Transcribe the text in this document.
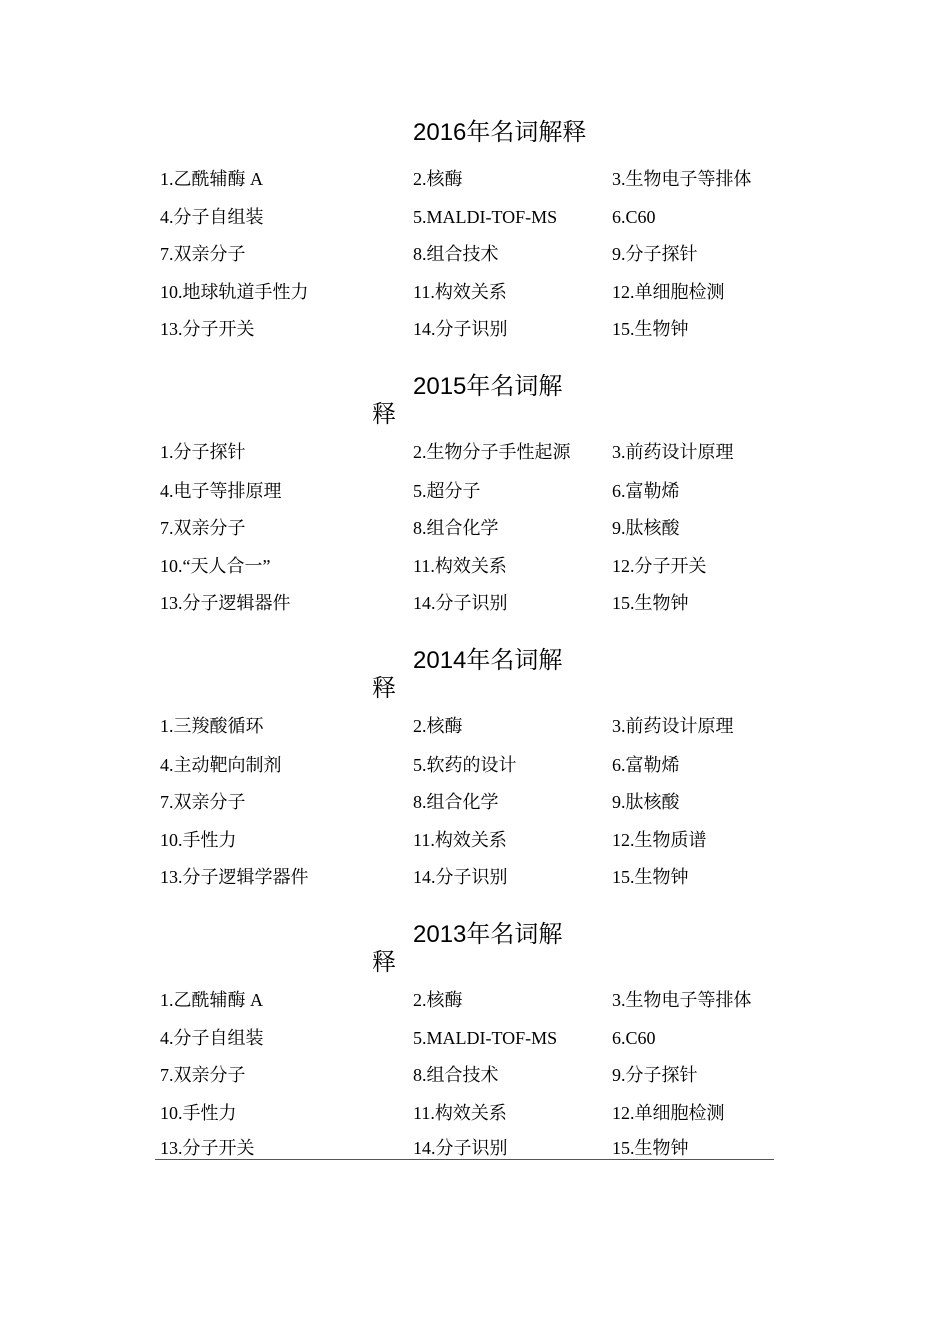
2016年名词解释
1.乙酰辅酶 A	2.核酶	3.生物电子等排体
4.分子自组装	5.MALDI-TOF-MS	6.C60
7.双亲分子	8.组合技术	9.分子探针
10.地球轨道手性力	11.构效关系	12.单细胞检测
13.分子开关	14.分子识别	15.生物钟
2015年名词解
释
1.分子探针	2.生物分子手性起源 3.前药设计原理
4.电子等排原理	5.超分子	6.富勒烯
7.双亲分子	8.组合化学	9.肽核酸
10.“天人合一”	11.构效关系	12.分子开关
13.分子逻辑器件	14.分子识别	15.生物钟
2014年名词解
释
1.三羧酸循环	2.核酶	3.前药设计原理
4.主动靶向制剂	5.软药的设计	6.富勒烯
7.双亲分子	8.组合化学	9.肽核酸
10.手性力	11.构效关系	12.生物质谱
13.分子逻辑学器件	14.分子识别	15.生物钟
2013年名词解
释
1.乙酰辅酶 A	2.核酶	3.生物电子等排体
4.分子自组装	5.MALDI-TOF-MS	6.C60
7.双亲分子	8.组合技术	9.分子探针
10.手性力	11.构效关系	12.单细胞检测
13.分子开关	14.分子识别	15.生物钟
